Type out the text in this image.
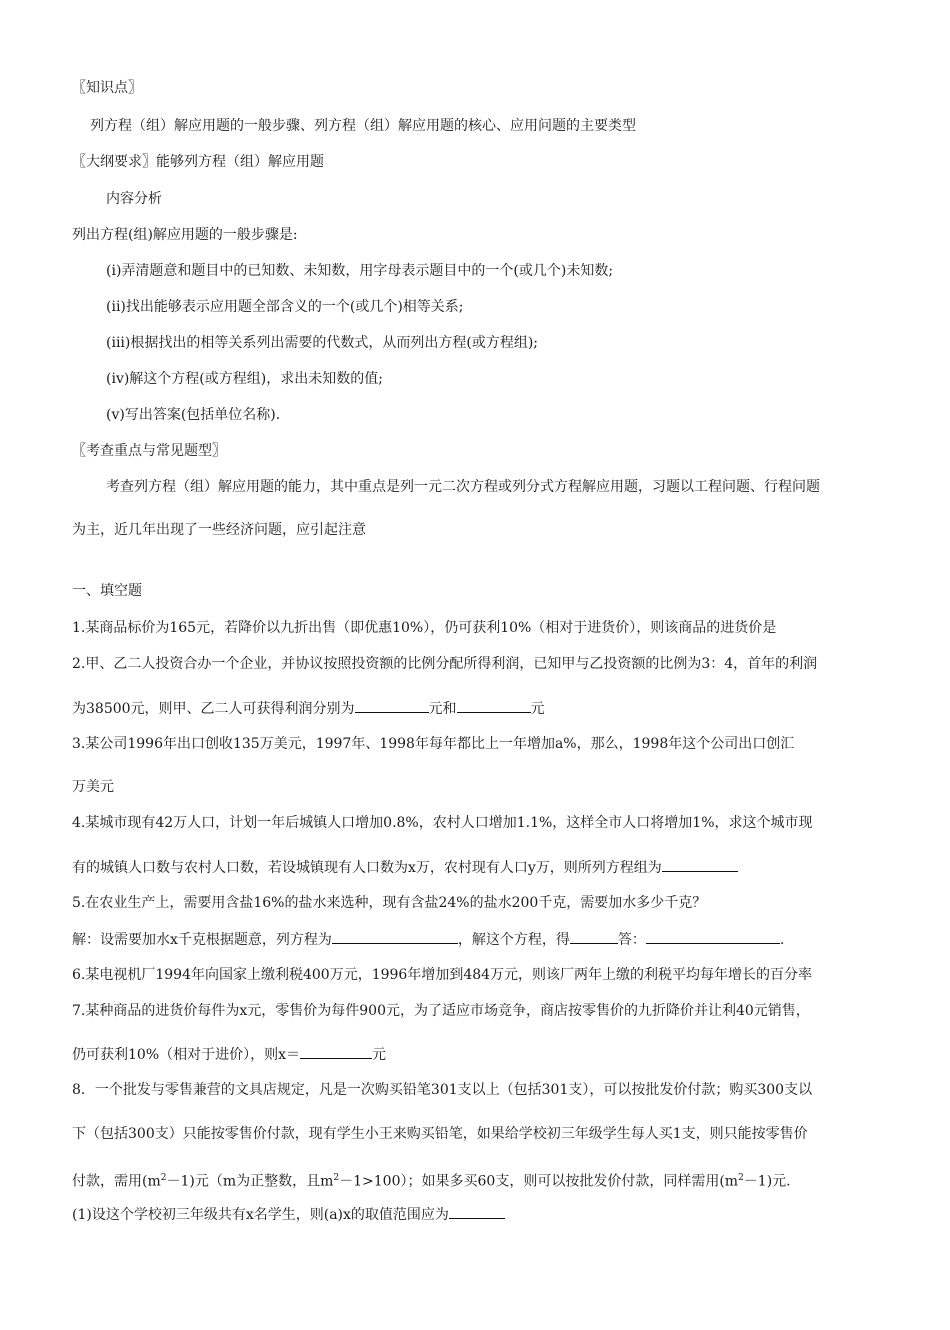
〖知识点〗
列方程（组）解应用题的一般步骤、列方程（组）解应用题的核心、应用问题的主要类型
〖大纲要求〗能够列方程（组）解应用题
内容分析
列出方程(组)解应用题的一般步骤是:
(i)弄清题意和题目中的已知数、未知数，用字母表示题目中的一个(或几个)未知数;
(ii)找出能够表示应用题全部含义的一个(或几个)相等关系;
(iii)根据找出的相等关系列出需要的代数式，从而列出方程(或方程组);
(iv)解这个方程(或方程组)，求出未知数的值;
(v)写出答案(包括单位名称).
〖考查重点与常见题型〗
考查列方程（组）解应用题的能力，其中重点是列一元二次方程或列分式方程解应用题，习题以工程问题、行程问题
为主，近几年出现了一些经济问题，应引起注意
一、填空题
1.某商品标价为165元，若降价以九折出售（即优惠10%），仍可获利10%（相对于进货价），则该商品的进货价是
2.甲、乙二人投资合办一个企业，并协议按照投资额的比例分配所得利润，已知甲与乙投资额的比例为3：4，首年的利润
为38500元，则甲、乙二人可获得利润分别为	元和	元
3.某公司1996年出口创收135万美元，1997年、1998年每年都比上一年增加a%，那么，1998年这个公司出口创汇
万美元
4.某城市现有42万人口，计划一年后城镇人口增加0.8%，农村人口增加1.1%，这样全市人口将增加1%，求这个城市现
有的城镇人口数与农村人口数，若设城镇现有人口数为x万，农村现有人口y万，则所列方程组为
5.在农业生产上，需要用含盐16%的盐水来选种，现有含盐24%的盐水200千克，需要加水多少千克？
解：设需要加水x千克根据题意，列方程为	，解这个方程，得	答：	.
6.某电视机厂1994年向国家上缴利税400万元，1996年增加到484万元，则该厂两年上缴的利税平均每年增长的百分率
7.某种商品的进货价每件为x元，零售价为每件900元，为了适应市场竞争，商店按零售价的九折降价并让利40元销售，
仍可获利10%（相对于进价），则x＝	元
8．一个批发与零售兼营的文具店规定，凡是一次购买铅笔301支以上（包括301支），可以按批发价付款；购买300支以
下（包括300支）只能按零售价付款，现有学生小王来购买铅笔，如果给学校初三年级学生每人买1支，则只能按零售价
付款，需用$(m^2-1)$元（m为正整数，且$m^2-1>100$）；如果多买60支，则可以按批发价付款，同样需用$(m^2-1)$元.
(1)设这个学校初三年级共有x名学生，则(a)x的取值范围应为
